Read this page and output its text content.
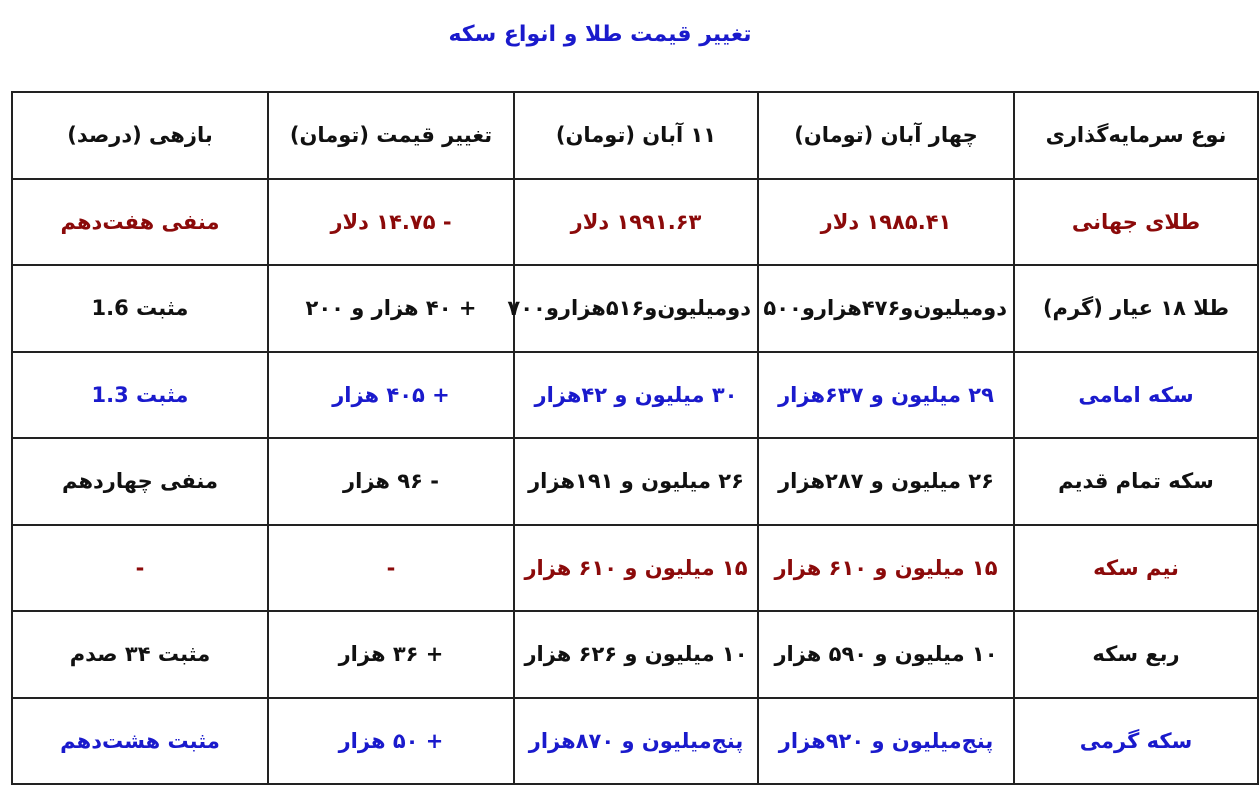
تغییر قیمت طلا و انواع سکه
نوع سرمایه‌گذاری	چهار آبان (تومان)	۱۱ آبان (تومان)	تغییر قیمت (تومان)	بازهی (درصد)
طلای جهانی	۱۹۸۵.۴۱ دلار	۱۹۹۱.۶۳ دلار	- ۱۴.۷۵ دلار	منفی هفت‌دهم
طلا ۱۸ عیار (گرم)	دومیلیون‌و۴۷۶هزارو۵۰۰	دومیلیون‌و۵۱۶هزارو۷۰۰	+ ۴۰ هزار و ۲۰۰	مثبت 1.6
سکه امامی	۲۹ میلیون و ۶۳۷هزار	۳۰ میلیون و ۴۲هزار	+ ۴۰۵ هزار	مثبت 1.3
سکه تمام قدیم	۲۶ میلیون و ۲۸۷هزار	۲۶ میلیون و ۱۹۱هزار	- ۹۶ هزار	منفی چهاردهم
نیم سکه	۱۵ میلیون و ۶۱۰ هزار	۱۵ میلیون و ۶۱۰ هزار	-	-
ربع سکه	۱۰ میلیون و ۵۹۰ هزار	۱۰ میلیون و ۶۲۶ هزار	+ ۳۶ هزار	مثبت ۳۴ صدم
سکه گرمی	پنج‌میلیون و ۹۲۰هزار	پنج‌میلیون و ۸۷۰هزار	+ ۵۰ هزار	مثبت هشت‌دهم
